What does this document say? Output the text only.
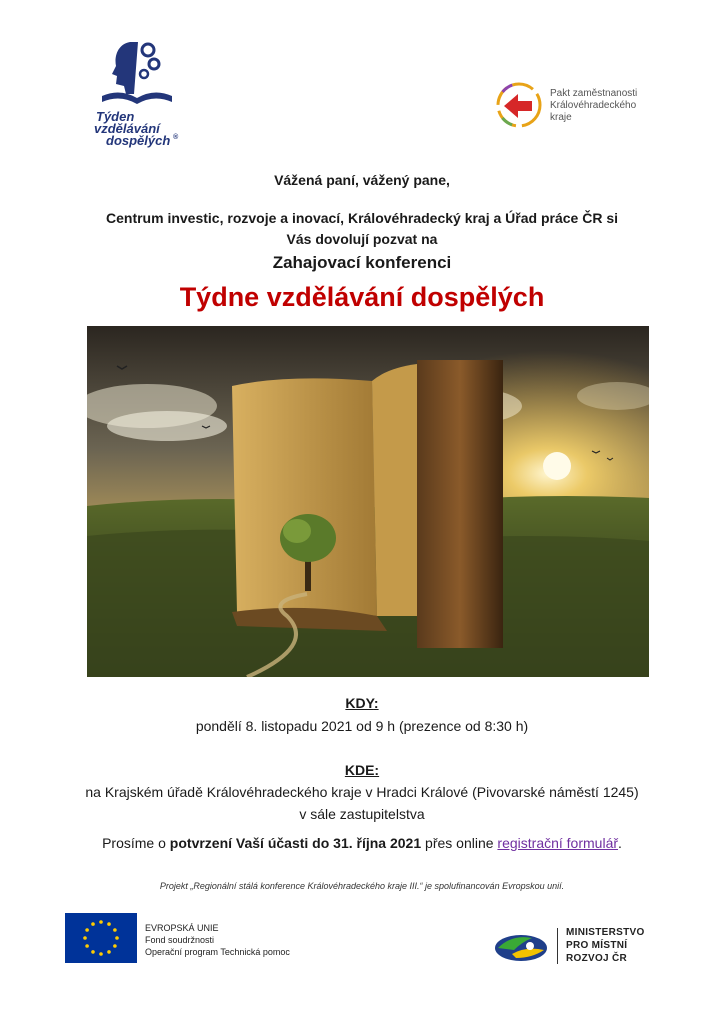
Týden
vzdělávání
dospělých ®
Pakt zaměstnanosti
Královéhradeckého
kraje
Vážená paní, vážený pane,
Centrum investic, rozvoje a inovací, Královéhradecký kraj a Úřad práce ČR si
Vás dovolují pozvat na
Zahajovací konferenci
Týdne vzdělávání dospělých
KDY:
pondělí 8. listopadu 2021 od 9 h (prezence od 8:30 h)
KDE:
na Krajském úřadě Královéhradeckého kraje v Hradci Králové (Pivovarské náměstí 1245)
v sále zastupitelstva
Prosíme o potvrzení Vaší účasti do 31. října 2021 přes online registrační formulář.
Projekt „Regionální stálá konference Královéhradeckého kraje III.“ je spolufinancován Evropskou unií.
EVROPSKÁ UNIE
Fond soudržnosti
Operační program Technická pomoc
MINISTERSTVO
PRO MÍSTNÍ
ROZVOJ ČR
